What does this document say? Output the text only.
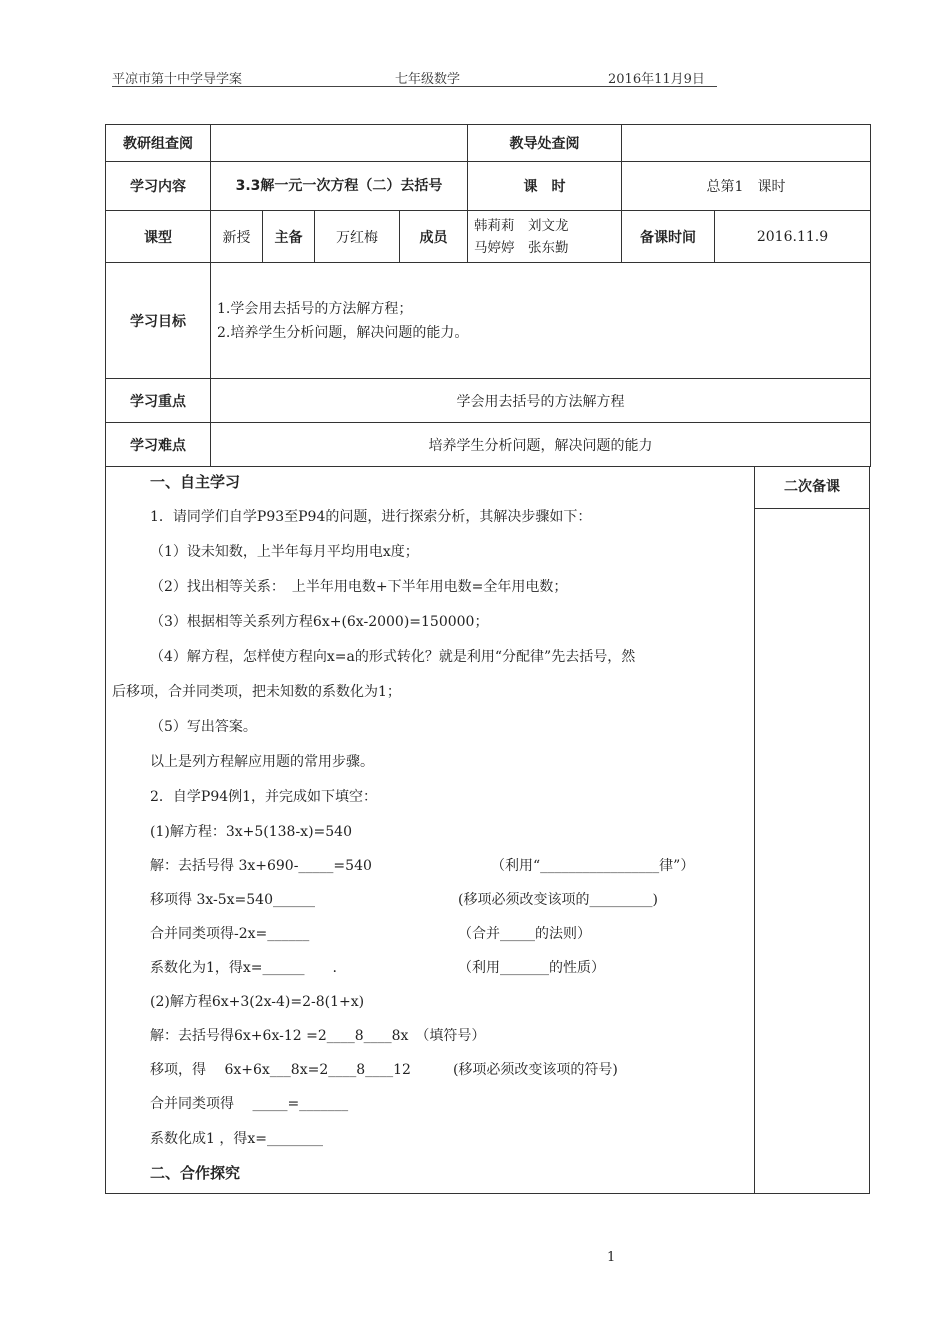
平凉市第十中学导学案	七年级数学	2016年11月9日
教研组查阅					教导处查阅		
学习内容	3.3解一元一次方程（二）去括号				课　时	总第1　课时	
课型	新授	主备	万红梅	成员	韩莉莉　刘文龙
马婷婷　张东勤	备课时间	2016.11.9
学习目标	1.学会用去括号的方法解方程；
2.培养学生分析问题，解决问题的能力。						

学习重点	学会用去括号的方法解方程						
学习难点	培养学生分析问题，解决问题的能力						
二次备课
一、自主学习
1．请同学们自学P93至P94的问题，进行探索分析，其解决步骤如下：
（1）设未知数，上半年每月平均用电x度；
（2）找出相等关系：　上半年用电数+下半年用电数=全年用电数；
（3）根据相等关系列方程6x+(6x-2000)=150000；
（4）解方程，怎样使方程向x=a的形式转化？就是利用“分配律”先去括号，然
后移项，合并同类项，把未知数的系数化为1；
（5）写出答案。
以上是列方程解应用题的常用步骤。
2．自学P94例1，并完成如下填空：
(1)解方程：3x+5(138-x)=540
解：去括号得 3x+690-_____=540	（利用“_________________律”）
移项得 3x-5x=540______	(移项必须改变该项的_________)
合并同类项得-2x=______	（合并_____的法则）
系数化为1，得x=______　　.	（利用_______的性质）
(2)解方程6x+3(2x-4)=2-8(1+x)
解：去括号得6x+6x-12 =2____8____8x　（填符号）
移项，得　 6x+6x___8x=2____8____12　　　(移项必须改变该项的符号)
合并同类项得　 _____=_______
系数化成1 ，得x=________
二、合作探究
1
